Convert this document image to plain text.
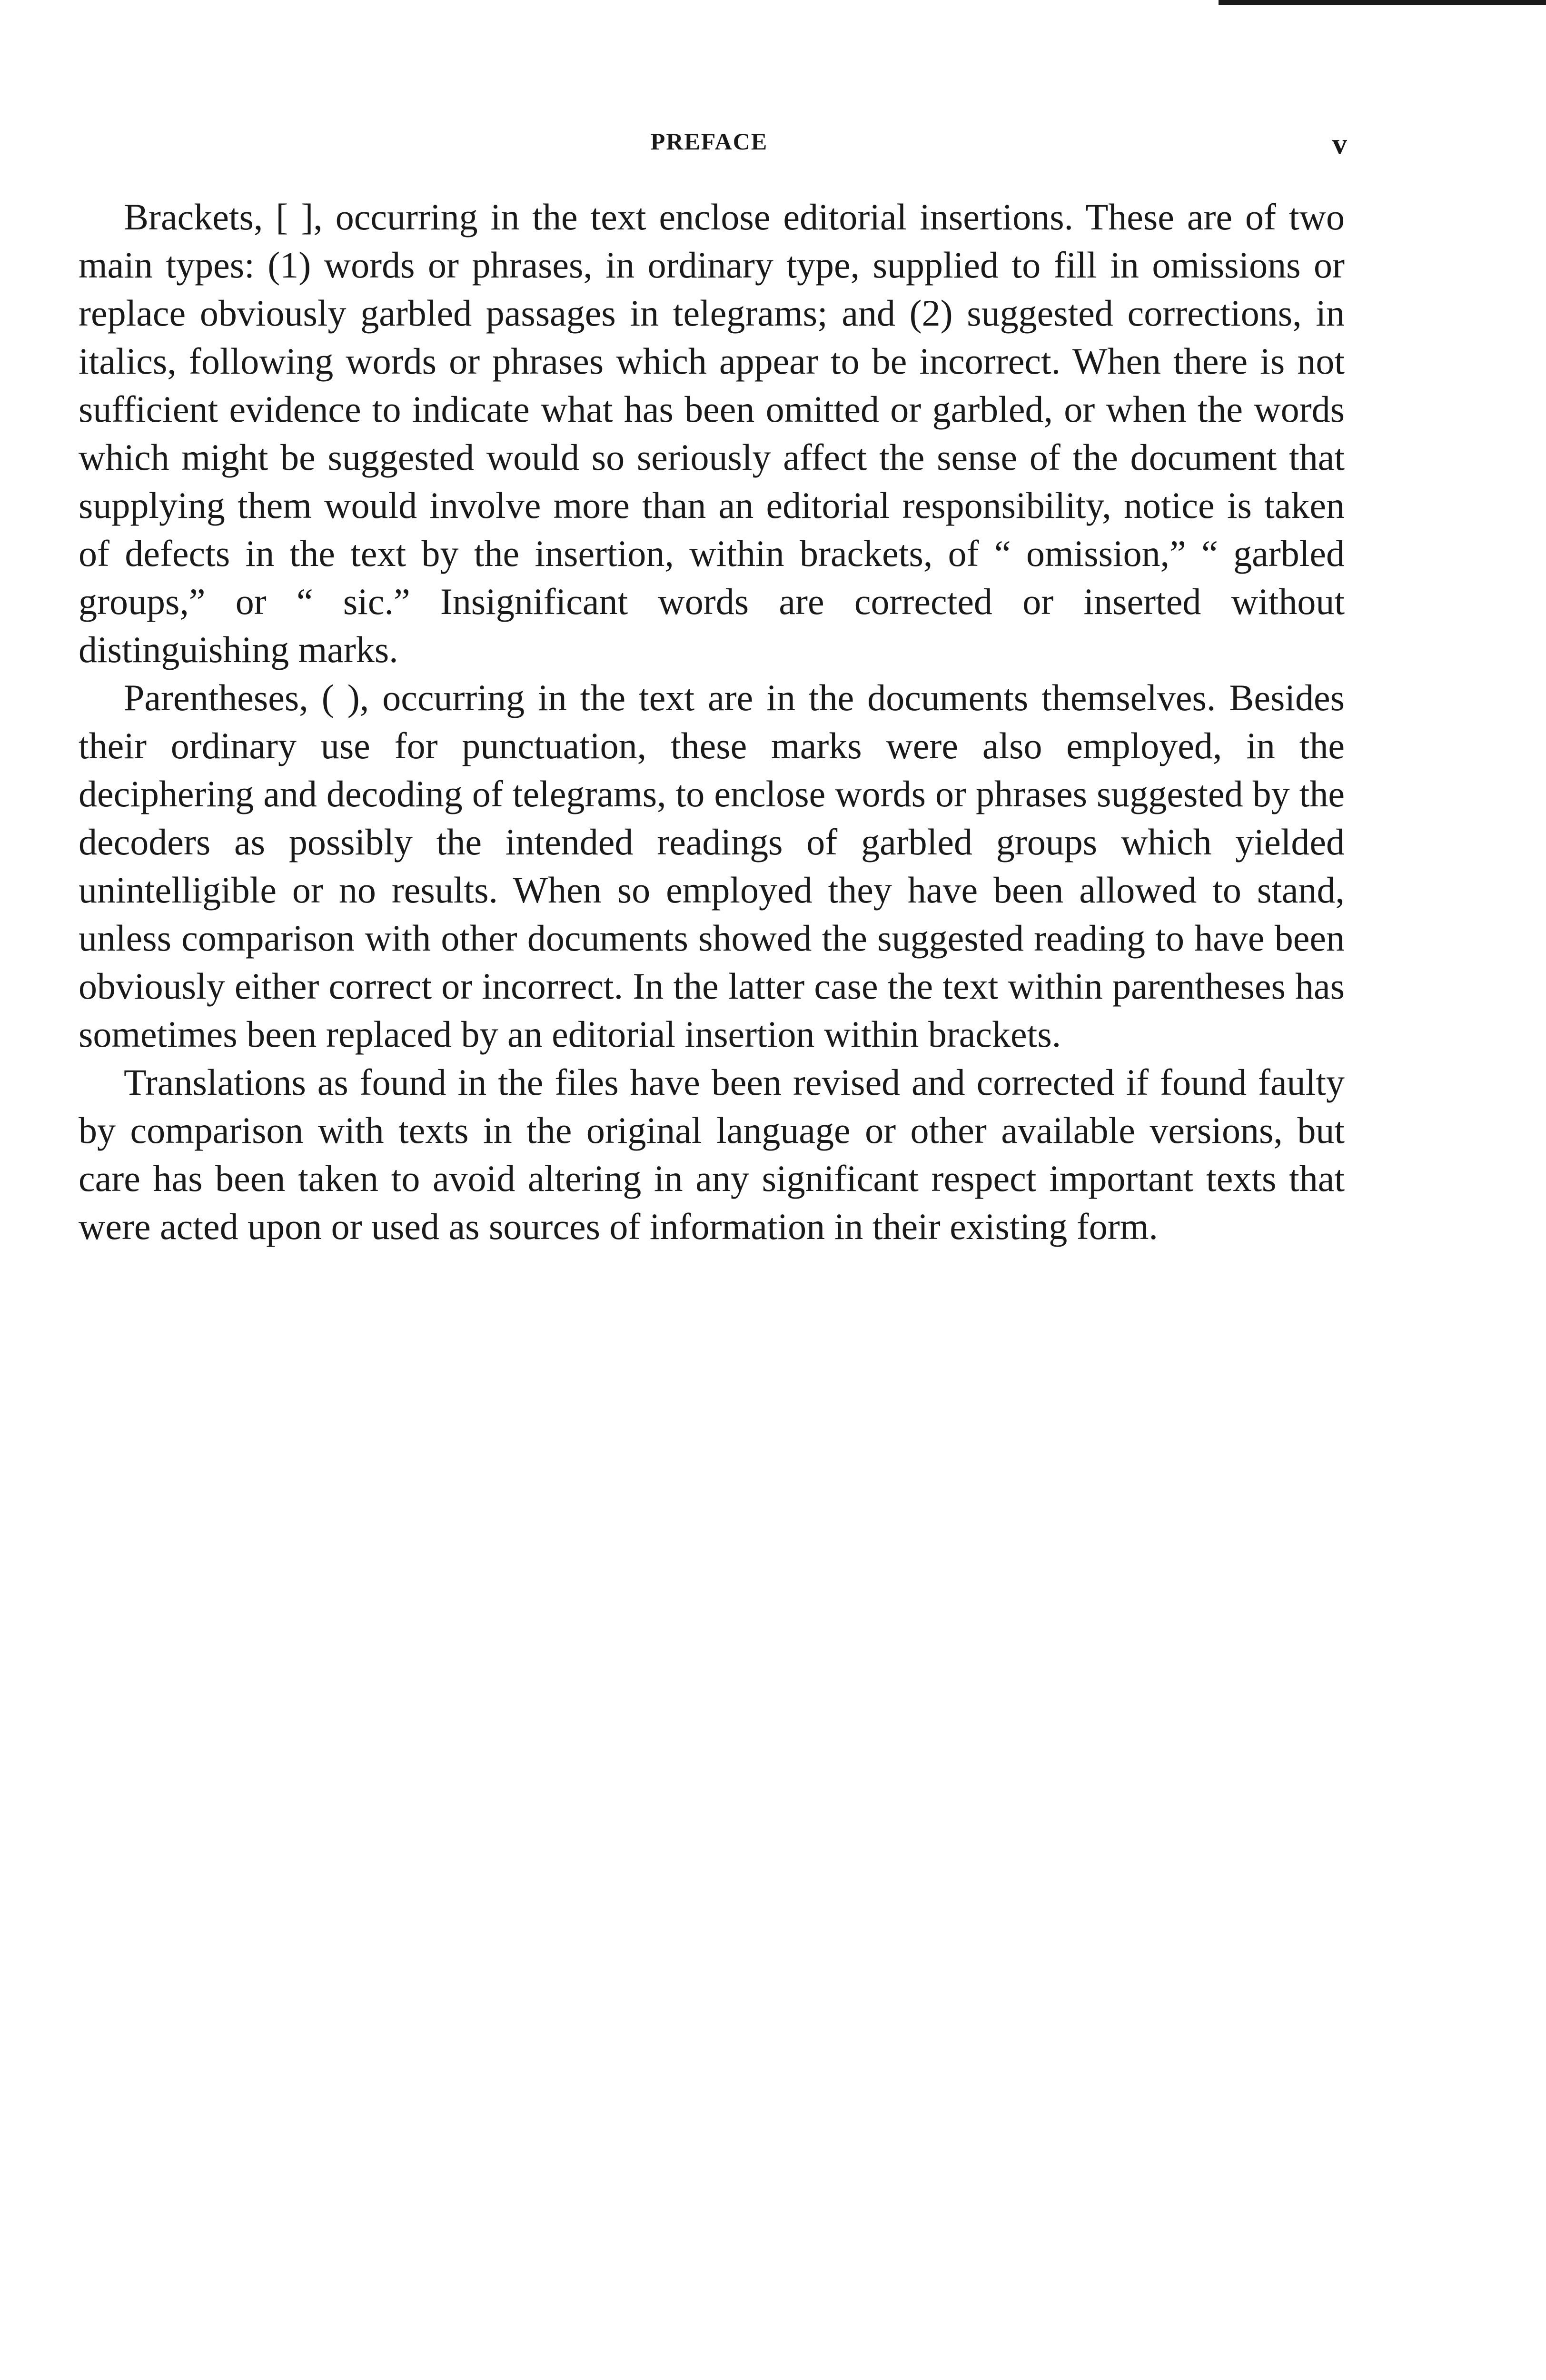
PREFACE	v

Brackets, [ ], occurring in the text enclose editorial insertions. These are of two main types: (1) words or phrases, in ordinary type, supplied to fill in omissions or replace obviously garbled passages in telegrams; and (2) suggested corrections, in italics, following words or phrases which appear to be incorrect. When there is not sufficient evidence to indicate what has been omitted or garbled, or when the words which might be suggested would so seriously affect the sense of the document that supplying them would involve more than an editorial responsibility, notice is taken of defects in the text by the insertion, within brackets, of “ omission,” “ garbled groups,” or “ sic.” Insignificant words are corrected or inserted without distinguishing marks.

Parentheses, ( ), occurring in the text are in the documents themselves. Besides their ordinary use for punctuation, these marks were also employed, in the deciphering and decoding of telegrams, to enclose words or phrases suggested by the decoders as possibly the intended readings of garbled groups which yielded unintelligible or no results. When so employed they have been allowed to stand, unless comparison with other documents showed the suggested reading to have been obviously either correct or incorrect. In the latter case the text within parentheses has sometimes been replaced by an editorial insertion within brackets.

Translations as found in the files have been revised and corrected if found faulty by comparison with texts in the original language or other available versions, but care has been taken to avoid altering in any significant respect important texts that were acted upon or used as sources of information in their existing form.
